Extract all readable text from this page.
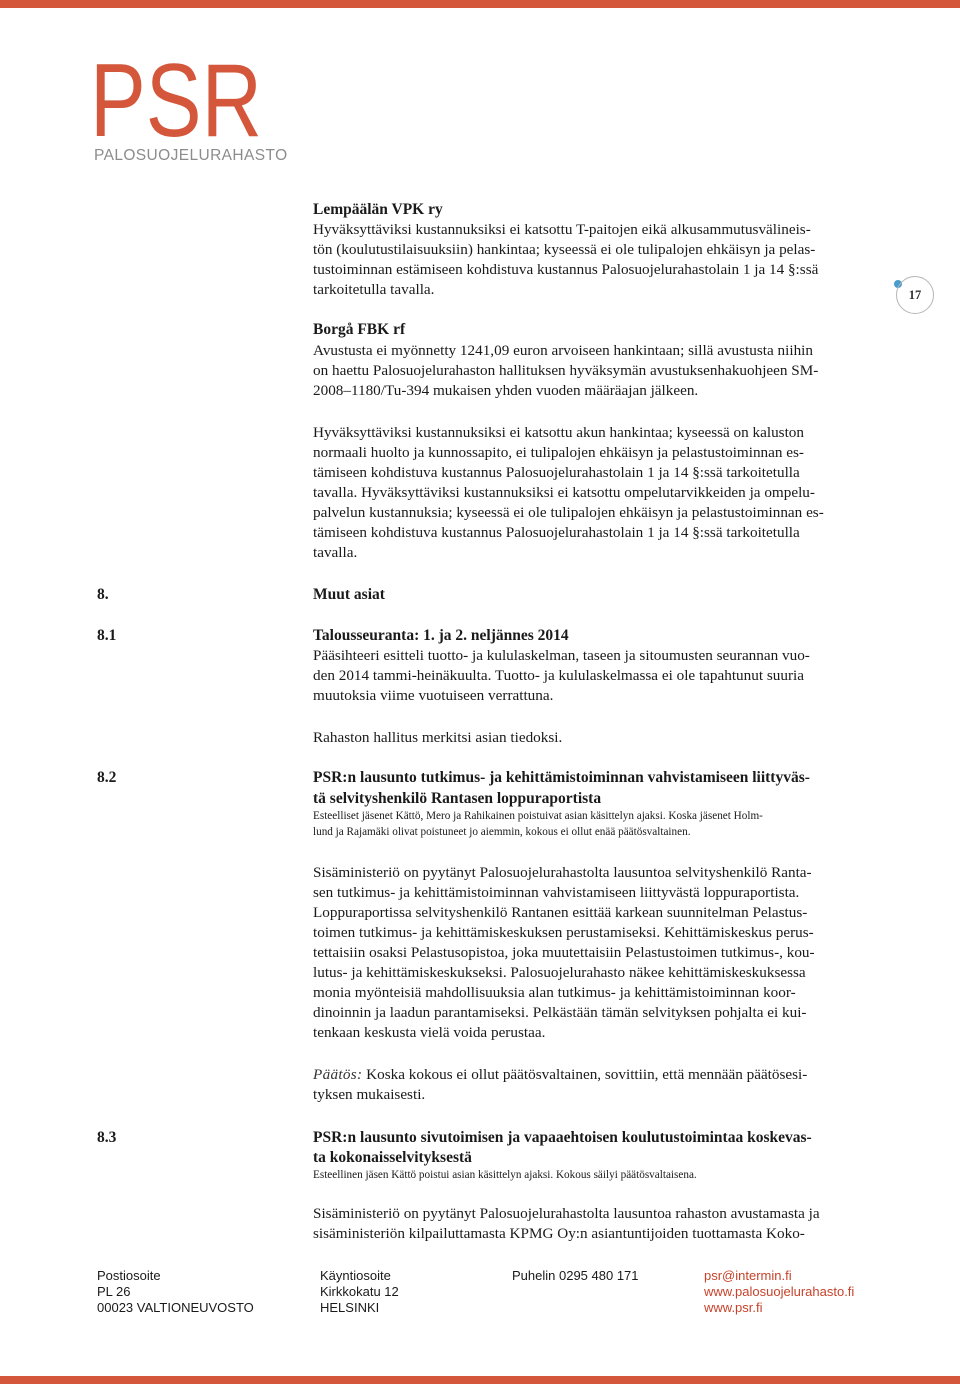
PSR
PALOSUOJELURAHASTO
17
Lempäälän VPK ry
Hyväksyttäviksi kustannuksiksi ei katsottu T-paitojen eikä alkusammutusvälineis-
tön (koulutustilaisuuksiin) hankintaa; kyseessä ei ole tulipalojen ehkäisyn ja pelas-
tustoiminnan estämiseen kohdistuva kustannus Palosuojelurahastolain 1 ja 14 §:ssä
tarkoitetulla tavalla.
Borgå FBK rf
Avustusta ei myönnetty 1241,09 euron arvoiseen hankintaan; sillä avustusta niihin
on haettu Palosuojelurahaston hallituksen hyväksymän avustuksenhakuohjeen SM-
2008–1180/Tu-394 mukaisen yhden vuoden määräajan jälkeen.
Hyväksyttäviksi kustannuksiksi ei katsottu akun hankintaa; kyseessä on kaluston
normaali huolto ja kunnossapito, ei tulipalojen ehkäisyn ja pelastustoiminnan es-
tämiseen kohdistuva kustannus Palosuojelurahastolain 1 ja 14 §:ssä tarkoitetulla
tavalla. Hyväksyttäviksi kustannuksiksi ei katsottu ompelutarvikkeiden ja ompelu-
palvelun kustannuksia; kyseessä ei ole tulipalojen ehkäisyn ja pelastustoiminnan es-
tämiseen kohdistuva kustannus Palosuojelurahastolain 1 ja 14 §:ssä tarkoitetulla
tavalla.
8.	Muut asiat
8.1	Talousseuranta: 1. ja 2. neljännes 2014
Pääsihteeri esitteli tuotto- ja kululaskelman, taseen ja sitoumusten seurannan vuo-
den 2014 tammi-heinäkuulta. Tuotto- ja kululaskelmassa ei ole tapahtunut suuria
muutoksia viime vuotuiseen verrattuna.
Rahaston hallitus merkitsi asian tiedoksi.
8.2	PSR:n lausunto tutkimus- ja kehittämistoiminnan vahvistamiseen liittyväs-
tä selvityshenkilö Rantasen loppuraportista
Esteelliset jäsenet Kättö, Mero ja Rahikainen poistuivat asian käsittelyn ajaksi. Koska jäsenet Holm-
lund ja Rajamäki olivat poistuneet jo aiemmin, kokous ei ollut enää päätösvaltainen.
Sisäministeriö on pyytänyt Palosuojelurahastolta lausuntoa selvityshenkilö Ranta-
sen tutkimus- ja kehittämistoiminnan vahvistamiseen liittyvästä loppuraportista.
Loppuraportissa selvityshenkilö Rantanen esittää karkean suunnitelman Pelastus-
toimen tutkimus- ja kehittämiskeskuksen perustamiseksi. Kehittämiskeskus perus-
tettaisiin osaksi Pelastusopistoa, joka muutettaisiin Pelastustoimen tutkimus-, kou-
lutus- ja kehittämiskeskukseksi. Palosuojelurahasto näkee kehittämiskeskuksessa
monia myönteisiä mahdollisuuksia alan tutkimus- ja kehittämistoiminnan koor-
dinoinnin ja laadun parantamiseksi. Pelkästään tämän selvityksen pohjalta ei kui-
tenkaan keskusta vielä voida perustaa.
Päätös: Koska kokous ei ollut päätösvaltainen, sovittiin, että mennään päätösesi-
tyksen mukaisesti.
8.3	PSR:n lausunto sivutoimisen ja vapaaehtoisen koulutustoimintaa koskevas-
ta kokonaisselvityksestä
Esteellinen jäsen Kättö poistui asian käsittelyn ajaksi. Kokous säilyi päätösvaltaisena.
Sisäministeriö on pyytänyt Palosuojelurahastolta lausuntoa rahaston avustamasta ja
sisäministeriön kilpailuttamasta KPMG Oy:n asiantuntijoiden tuottamasta Koko-
Postiosoite
PL 26
00023 VALTIONEUVOSTO
Käyntiosoite
Kirkkokatu 12
HELSINKI
Puhelin 0295 480 171	psr@intermin.fi
www.palosuojelurahasto.fi
www.psr.fi
